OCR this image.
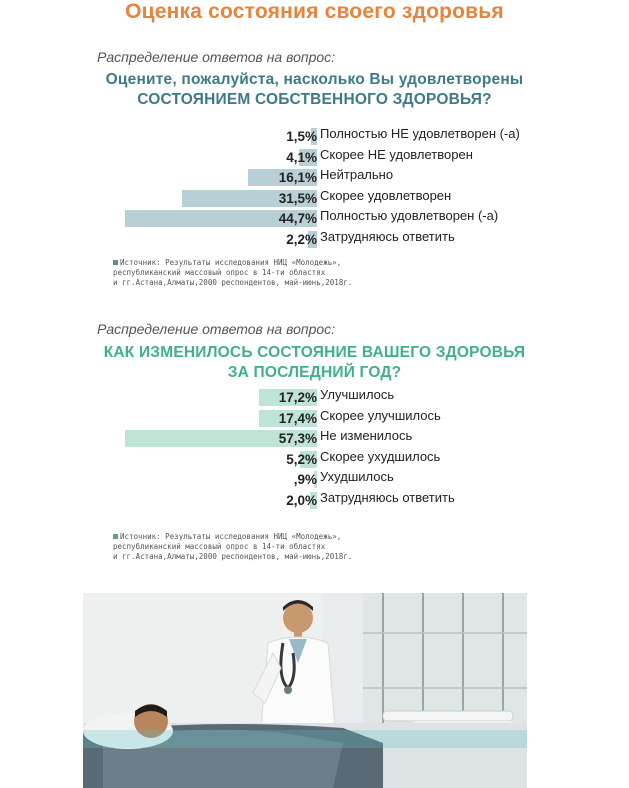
Оценка состояния своего здоровья
Распределение ответов на вопрос:
Оцените, пожалуйста, насколько Вы удовлетворены
СОСТОЯНИЕМ СОБСТВЕННОГО ЗДОРОВЬЯ?
1,5% Полностью НЕ удовлетворен (-а)
4,1% Скорее НЕ удовлетворен
16,1% Нейтрально
31,5% Скорее удовлетворен
44,7% Полностью удовлетворен (-а)
2,2% Затрудняюсь ответить
Источник: Результаты исследования НИЦ «Молодежь»,
республиканский массовый опрос в 14-ти областях
и гг.Астана,Алматы,2000 респондентов, май-июнь,2018г.
Распределение ответов на вопрос:
КАК ИЗМЕНИЛОСЬ СОСТОЯНИЕ ВАШЕГО ЗДОРОВЬЯ
ЗА ПОСЛЕДНИЙ ГОД?
17,2% Улучшилось
17,4% Скорее улучшилось
57,3% Не изменилось
5,2% Скорее ухудшилось
,9% Ухудшилось
2,0% Затрудняюсь ответить
Источник: Результаты исследования НИЦ «Молодежь»,
республиканский массовый опрос в 14-ти областях
и гг.Астана,Алматы,2000 респондентов, май-июнь,2018г.
